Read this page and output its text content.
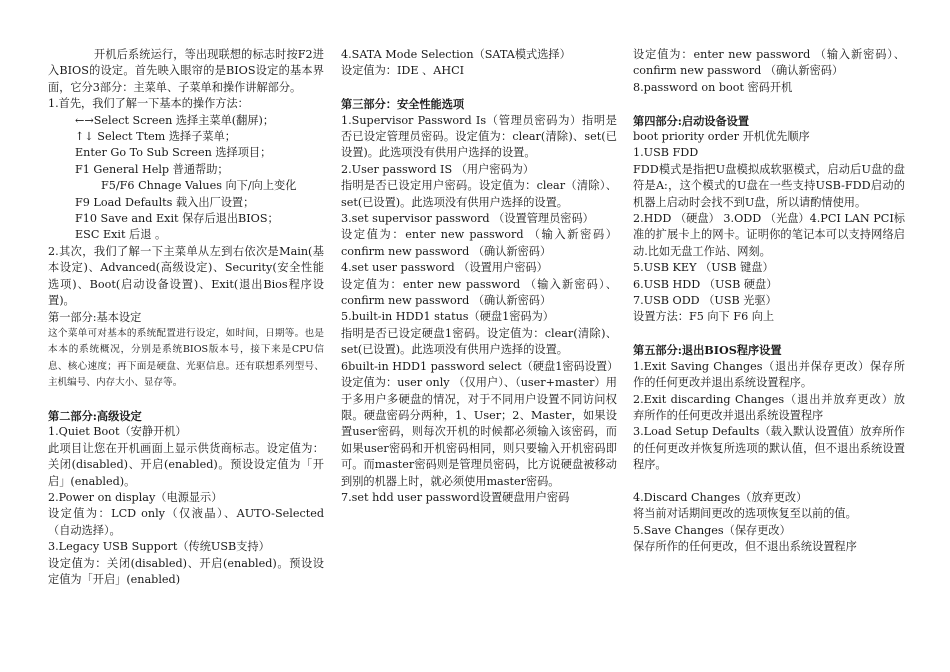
开机后系统运行，等出现联想的标志时按F2进入BIOS的设定。首先映入眼帘的是BIOS设定的基本界面，它分3部分：主菜单、子菜单和操作讲解部分。

1.首先，我们了解一下基本的操作方法：

←→Select Screen 选择主菜单(翻屏)；

↑↓ Select Ttem 选择子菜单；

Enter Go To Sub Screen 选择项目；

F1 General Help 普通帮助；

F5/F6 Chnage Values 向下/向上变化

F9 Load Defaults 载入出厂设置；

F10 Save and Exit 保存后退出BIOS；

ESC Exit 后退 。

2.其次，我们了解一下主菜单从左到右依次是Main(基本设定)、Advanced(高级设定)、Security(安全性能选项)、Boot(启动设备设置)、Exit(退出Bios程序设置)。

第一部分:基本设定

这个菜单可对基本的系统配置进行设定，如时间，日期等。也是本本的系统概况，分别是系统BIOS版本号，接下来是CPU信息、核心速度；再下面是硬盘、光驱信息。还有联想系列型号、主机编号、内存大小、显存等。

第二部分:高级设定

1.Quiet Boot（安静开机）

此项目让您在开机画面上显示供货商标志。设定值为：关闭(disabled)、开启(enabled)。预设设定值为「开启」(enabled)。

2.Power on display（电源显示）

设定值为：LCD only（仅液晶）、AUTO-Selected（自动选择）。

3.Legacy USB Support（传统USB支持）

设定值为：关闭(disabled)、开启(enabled)。预设设定值为「开启」(enabled)

4.SATA Mode Selection（SATA模式选择）

设定值为：IDE 、AHCI

第三部分：安全性能选项

1.Supervisor Password Is（管理员密码为）指明是否已设定管理员密码。设定值为：clear(清除)、set(已设置)。此选项没有供用户选择的设置。

2.User password IS （用户密码为）

指明是否已设定用户密码。设定值为：clear（清除）、set(已设置)。此选项没有供用户选择的设置。

3.set supervisor password （设置管理员密码）

设定值为：enter new password （输入新密码）confirm new password （确认新密码）

4.set user password （设置用户密码）

设定值为：enter new password （输入新密码）、confirm new password （确认新密码）

5.built-in HDD1 status（硬盘1密码为）

指明是否已设定硬盘1密码。设定值为：clear(清除)、set(已设置)。此选项没有供用户选择的设置。

6built-in HDD1 password select（硬盘1密码设置）

设定值为：user only （仅用户）、（user+master）用于多用户多硬盘的情况，对于不同用户设置不同访问权限。硬盘密码分两种，1、User；2、Master，如果设置user密码，则每次开机的时候都必须输入该密码，而如果user密码和开机密码相同，则只要输入开机密码即可。而master密码则是管理员密码，比方说硬盘被移动到别的机器上时，就必须使用master密码。

7.set hdd user password设置硬盘用户密码

设定值为：enter new password （输入新密码）、confirm new password （确认新密码）

8.password on boot 密码开机

第四部分:启动设备设置

boot priority order 开机优先顺序

1.USB FDD

FDD模式是指把U盘模拟成软驱模式，启动后U盘的盘符是A:，这个模式的U盘在一些支持USB-FDD启动的机器上启动时会找不到U盘，所以请酌情使用。

2.HDD （硬盘） 3.ODD （光盘）4.PCI LAN PCI标准的扩展卡上的网卡。证明你的笔记本可以支持网络启动.比如无盘工作站、网刻。

5.USB KEY （USB 键盘）

6.USB HDD （USB 硬盘）

7.USB ODD （USB 光驱）

设置方法：F5 向下 F6 向上

第五部分:退出BIOS程序设置

1.Exit Saving Changes（退出并保存更改）保存所作的任何更改并退出系统设置程序。

2.Exit discarding Changes（退出并放弃更改）放弃所作的任何更改并退出系统设置程序

3.Load Setup Defaults（载入默认设置值）放弃所作的任何更改并恢复所选项的默认值，但不退出系统设置程序。

4.Discard Changes（放弃更改）

将当前对话期间更改的选项恢复至以前的值。

5.Save Changes（保存更改）

保存所作的任何更改，但不退出系统设置程序
